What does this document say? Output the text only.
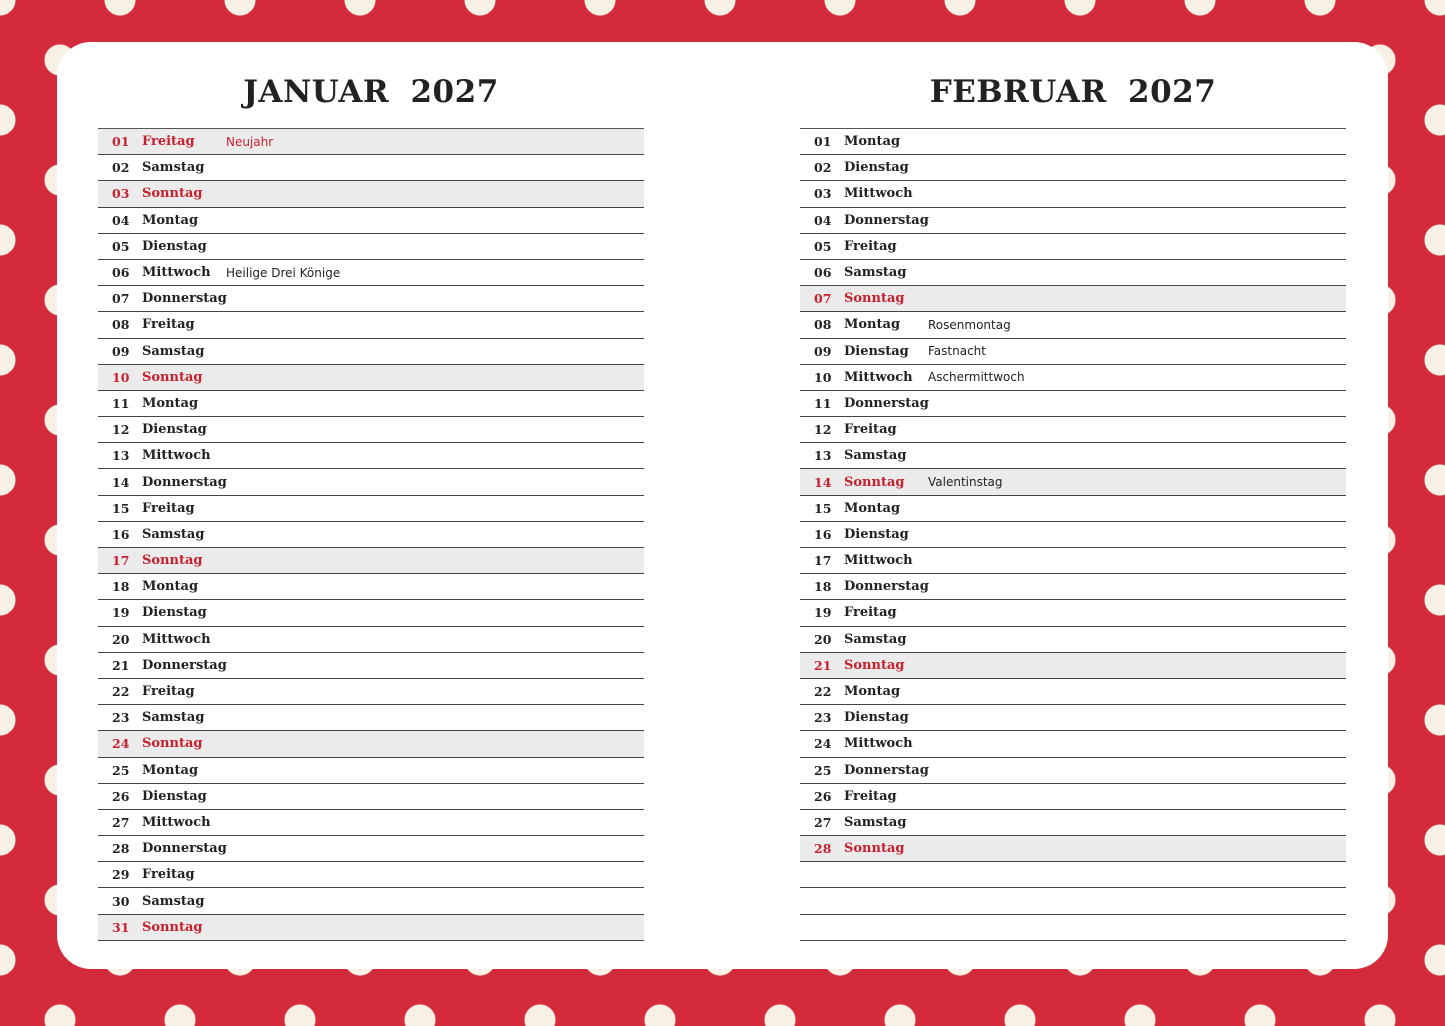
JANUAR 2027
01 Freitag	Neujahr
02 Samstag
03 Sonntag
04 Montag
05 Dienstag
06 Mittwoch	Heilige Drei Könige
07 Donnerstag
08 Freitag
09 Samstag
10 Sonntag
11 Montag
12 Dienstag
13 Mittwoch
14 Donnerstag
15 Freitag
16 Samstag
17 Sonntag
18 Montag
19 Dienstag
20 Mittwoch
21 Donnerstag
22 Freitag
23 Samstag
24 Sonntag
25 Montag
26 Dienstag
27 Mittwoch
28 Donnerstag
29 Freitag
30 Samstag
31 Sonntag
FEBRUAR 2027
01 Montag
02 Dienstag
03 Mittwoch
04 Donnerstag
05 Freitag
06 Samstag
07 Sonntag
08 Montag	Rosenmontag
09 Dienstag	Fastnacht
10 Mittwoch	Aschermittwoch
11 Donnerstag
12 Freitag
13 Samstag
14 Sonntag	Valentinstag
15 Montag
16 Dienstag
17 Mittwoch
18 Donnerstag
19 Freitag
20 Samstag
21 Sonntag
22 Montag
23 Dienstag
24 Mittwoch
25 Donnerstag
26 Freitag
27 Samstag
28 Sonntag
